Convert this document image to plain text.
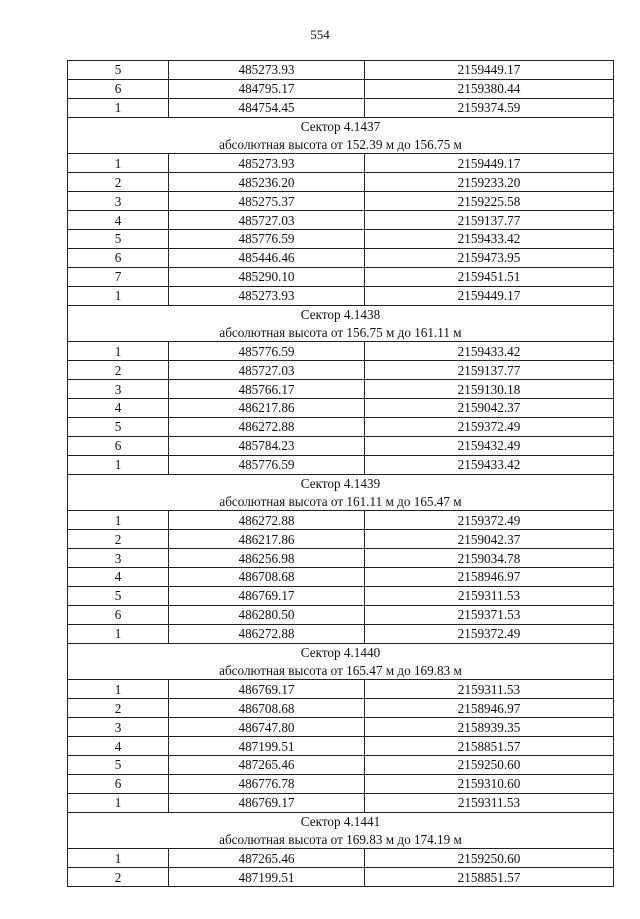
554
5	485273.93	2159449.17
6	484795.17	2159380.44
1	484754.45	2159374.59
Сектор 4.1437		
абсолютная высота от 152.39 м до 156.75 м		
1	485273.93	2159449.17
2	485236.20	2159233.20
3	485275.37	2159225.58
4	485727.03	2159137.77
5	485776.59	2159433.42
6	485446.46	2159473.95
7	485290.10	2159451.51
1	485273.93	2159449.17
Сектор 4.1438		
абсолютная высота от 156.75 м до 161.11 м		
1	485776.59	2159433.42
2	485727.03	2159137.77
3	485766.17	2159130.18
4	486217.86	2159042.37
5	486272.88	2159372.49
6	485784.23	2159432.49
1	485776.59	2159433.42
Сектор 4.1439		
абсолютная высота от 161.11 м до 165.47 м		
1	486272.88	2159372.49
2	486217.86	2159042.37
3	486256.98	2159034.78
4	486708.68	2158946.97
5	486769.17	2159311.53
6	486280.50	2159371.53
1	486272.88	2159372.49
Сектор 4.1440		
абсолютная высота от 165.47 м до 169.83 м		
1	486769.17	2159311.53
2	486708.68	2158946.97
3	486747.80	2158939.35
4	487199.51	2158851.57
5	487265.46	2159250.60
6	486776.78	2159310.60
1	486769.17	2159311.53
Сектор 4.1441		
абсолютная высота от 169.83 м до 174.19 м		
1	487265.46	2159250.60
2	487199.51	2158851.57
